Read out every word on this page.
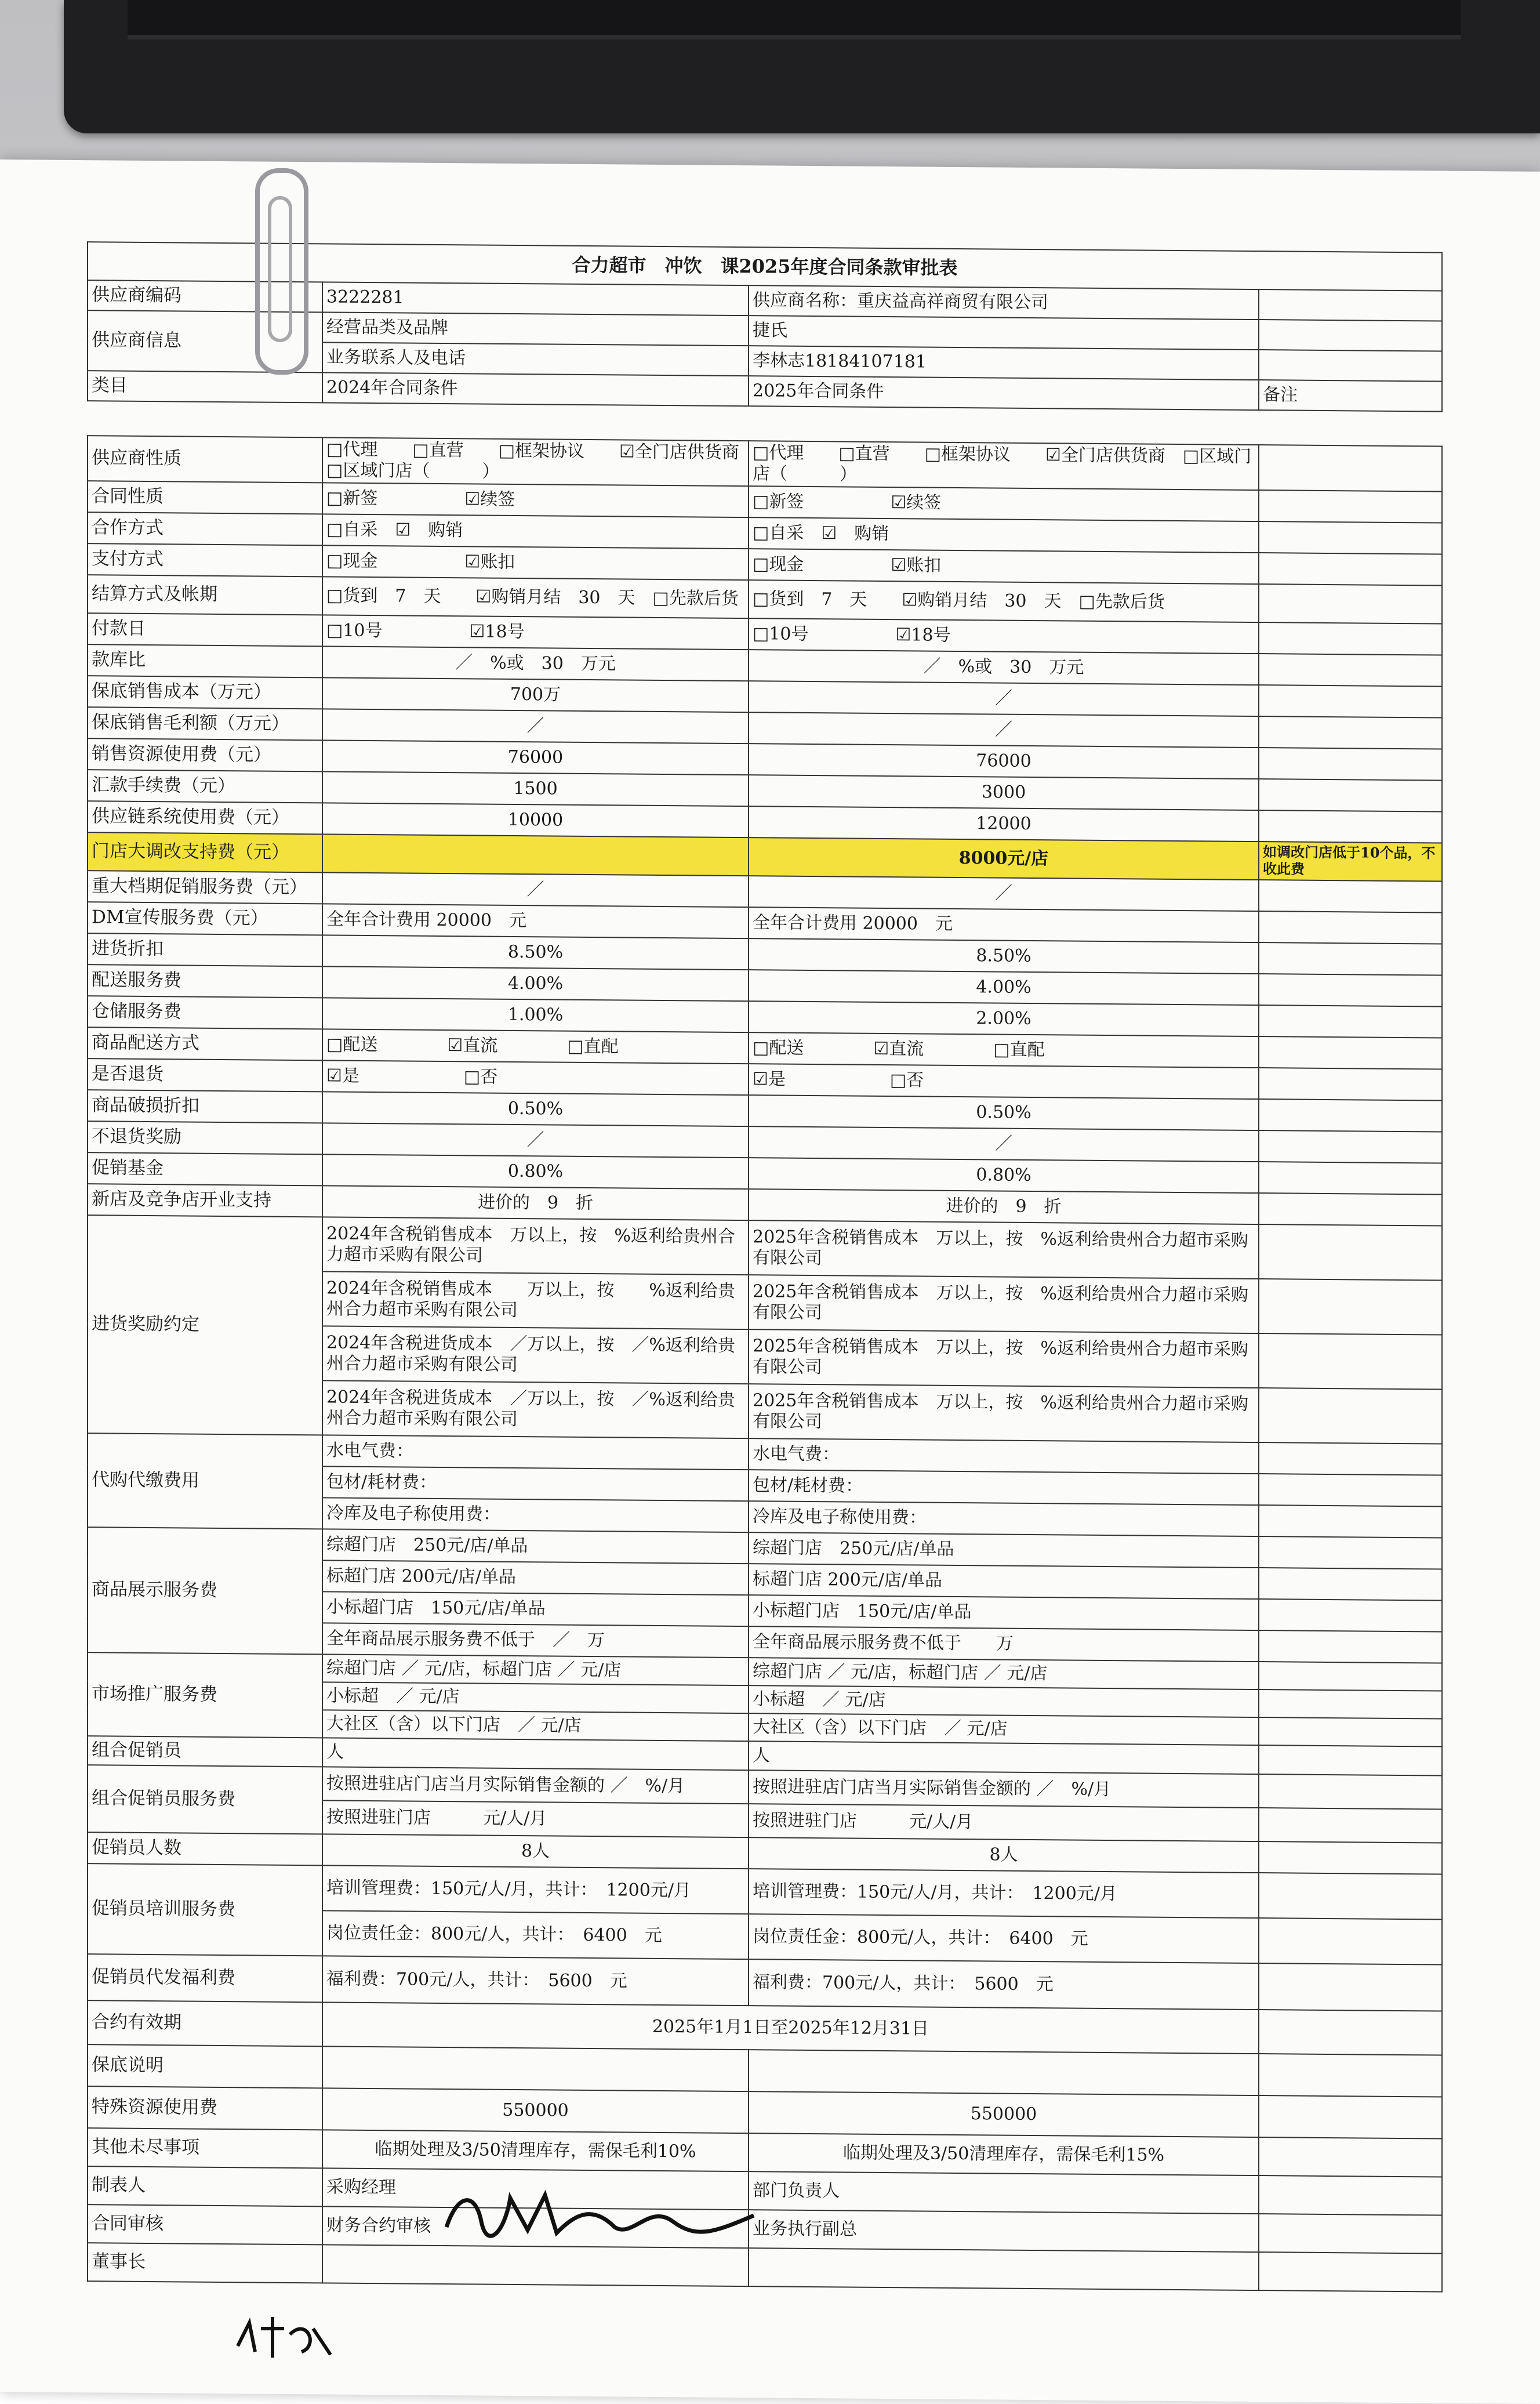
合力超市　冲饮　课2025年度合同条款审批表			
供应商编码	3222281	供应商名称：重庆益高祥商贸有限公司	
供应商信息	经营品类及品牌	捷氏	
	业务联系人及电话	李林志18184107181	
类目	2024年合同条件	2025年合同条件	备注
供应商性质	□代理　　□直营　　□框架协议　　☑全门店供货商　□区域门店（　　　）	□代理　　□直营　　□框架协议　　☑全门店供货商　□区域门店（　　　）	
合同性质	□新签　　　　　☑续签	□新签　　　　　☑续签	
合作方式	□自采　☑　购销	□自采　☑　购销	
支付方式	□现金　　　　　☑账扣	□现金　　　　　☑账扣	
结算方式及帐期	□货到　7　天　　☑购销月结　30　天　□先款后货	□货到　7　天　　☑购销月结　30　天　□先款后货	
付款日	□10号　　　　　☑18号	□10号　　　　　☑18号	
款库比	／　%或　30　万元	／　%或　30　万元	
保底销售成本（万元）	700万	／	
保底销售毛利额（万元）	／	／	
销售资源使用费（元）	76000	76000	
汇款手续费（元）	1500	3000	
供应链系统使用费（元）	10000	12000	
门店大调改支持费（元）		8000元/店	如调改门店低于10个品，不收此费
重大档期促销服务费（元）	／	／	
DM宣传服务费（元）	全年合计费用 20000　元	全年合计费用 20000　元	
进货折扣	8.50%	8.50%	
配送服务费	4.00%	4.00%	
仓储服务费	1.00%	2.00%	
商品配送方式	□配送　　　　☑直流　　　　□直配	□配送　　　　☑直流　　　　□直配	
是否退货	☑是　　　　　　□否	☑是　　　　　　□否	
商品破损折扣	0.50%	0.50%	
不退货奖励	／	／	
促销基金	0.80%	0.80%	
新店及竞争店开业支持	进价的　9　折	进价的　9　折	
进货奖励约定	2024年含税销售成本　万以上，按　%返利给贵州合力超市采购有限公司	2025年含税销售成本　万以上，按　%返利给贵州合力超市采购有限公司	
	2024年含税销售成本　　万以上，按　　%返利给贵州合力超市采购有限公司	2025年含税销售成本　万以上，按　%返利给贵州合力超市采购有限公司	
	2024年含税进货成本　／万以上，按　／%返利给贵州合力超市采购有限公司	2025年含税销售成本　万以上，按　%返利给贵州合力超市采购有限公司	
	2024年含税进货成本　／万以上，按　／%返利给贵州合力超市采购有限公司	2025年含税销售成本　万以上，按　%返利给贵州合力超市采购有限公司	
代购代缴费用	水电气费：	水电气费：	
	包材/耗材费：	包材/耗材费：	
	冷库及电子称使用费：	冷库及电子称使用费：	
商品展示服务费	综超门店　250元/店/单品	综超门店　250元/店/单品	
	标超门店 200元/店/单品	标超门店 200元/店/单品	
	小标超门店　150元/店/单品	小标超门店　150元/店/单品	
	全年商品展示服务费不低于　／　万	全年商品展示服务费不低于　　万	
市场推广服务费	综超门店 ／ 元/店，标超门店 ／ 元/店	综超门店 ／ 元/店，标超门店 ／ 元/店	
	小标超　／ 元/店	小标超　／ 元/店	
	大社区（含）以下门店　／ 元/店	大社区（含）以下门店　／ 元/店	
组合促销员	人	人	
组合促销员服务费	按照进驻店门店当月实际销售金额的 ／　%/月	按照进驻店门店当月实际销售金额的 ／　%/月	
	按照进驻门店　　　元/人/月	按照进驻门店　　　元/人/月	
促销员人数	8人	8人	
促销员培训服务费	培训管理费：150元/人/月，共计：　1200元/月	培训管理费：150元/人/月，共计：　1200元/月	
	岗位责任金：800元/人，共计：　6400　元	岗位责任金：800元/人，共计：　6400　元	
促销员代发福利费	福利费：700元/人，共计：　5600　元	福利费：700元/人，共计：　5600　元	
合约有效期	2025年1月1日至2025年12月31日		
保底说明			
特殊资源使用费	550000	550000	
其他未尽事项	临期处理及3/50清理库存，需保毛利10%	临期处理及3/50清理库存，需保毛利15%	
制表人	采购经理	部门负责人	
合同审核	财务合约审核	业务执行副总	
董事长			
